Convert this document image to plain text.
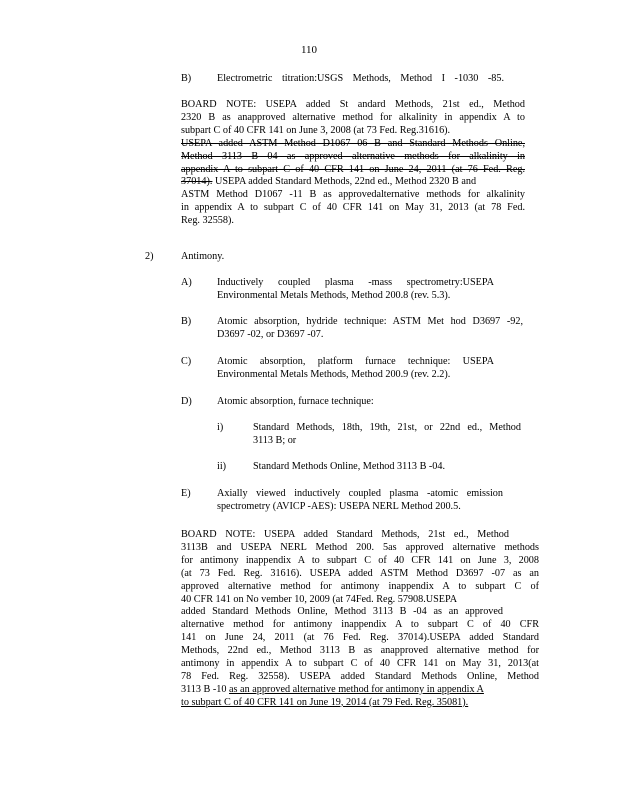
110
B)	Electrometric titration:USGS Methods, Method I -1030 -85.
BOARD NOTE: USEPA added St andard Methods, 21st ed., Method
2320 B as anapproved alternative method for alkalinity in appendix A to
subpart C of 40 CFR 141 on June 3, 2008 (at 73 Fed. Reg.31616).
USEPA added ASTM Method D1067 06 B and Standard Methods Online,
Method 3113 B 04 as approved alternative methods for alkalinity in
appendix A to subpart C of 40 CFR 141 on June 24, 2011 (at 76 Fed. Reg.
37014). USEPA added Standard Methods, 22nd ed., Method 2320 B and
ASTM Method D1067 -11 B as approvedalternative methods for alkalinity
in appendix A to subpart C of 40 CFR 141 on May 31, 2013 (at 78 Fed.
Reg. 32558).
2)	Antimony.
A) Inductively coupled plasma -mass spectrometry:USEPA
Environmental Metals Methods, Method 200.8 (rev. 5.3).
B)	Atomic absorption, hydride technique: ASTM Met hod D3697 -92,
D3697 -02, or D3697 -07.
C)	Atomic absorption, platform furnace technique: USEPA
Environmental Metals Methods, Method 200.9 (rev. 2.2).
D) Atomic absorption, furnace technique:
i)	Standard Methods, 18th, 19th, 21st, or 22nd ed., Method
3113 B; or
ii)	Standard Methods Online, Method 3113 B -04.
E)	Axially viewed inductively coupled plasma -atomic emission
spectrometry (AVICP -AES): USEPA NERL Method 200.5.
BOARD NOTE: USEPA added Standard Methods, 21st ed., Method
3113B and USEPA NERL Method 200. 5as approved alternative methods
for antimony inappendix A to subpart C of 40 CFR 141 on June 3, 2008
(at 73 Fed. Reg. 31616). USEPA added ASTM Method D3697 -07 as an
approved alternative method for antimony inappendix A to subpart C of
40 CFR 141 on No vember 10, 2009 (at 74Fed. Reg. 57908.USEPA
added Standard Methods Online, Method 3113 B -04 as an approved
alternative method for antimony inappendix A to subpart C of 40 CFR
141 on June 24, 2011 (at 76 Fed. Reg. 37014).USEPA added Standard
Methods, 22nd ed., Method 3113 B as anapproved alternative method for
antimony in appendix A to subpart C of 40 CFR 141 on May 31, 2013(at
78 Fed. Reg. 32558). USEPA added Standard Methods Online, Method
3113 B -10 as an approved alternative method for antimony in appendix A
to subpart C of 40 CFR 141 on June 19, 2014 (at 79 Fed. Reg. 35081).
